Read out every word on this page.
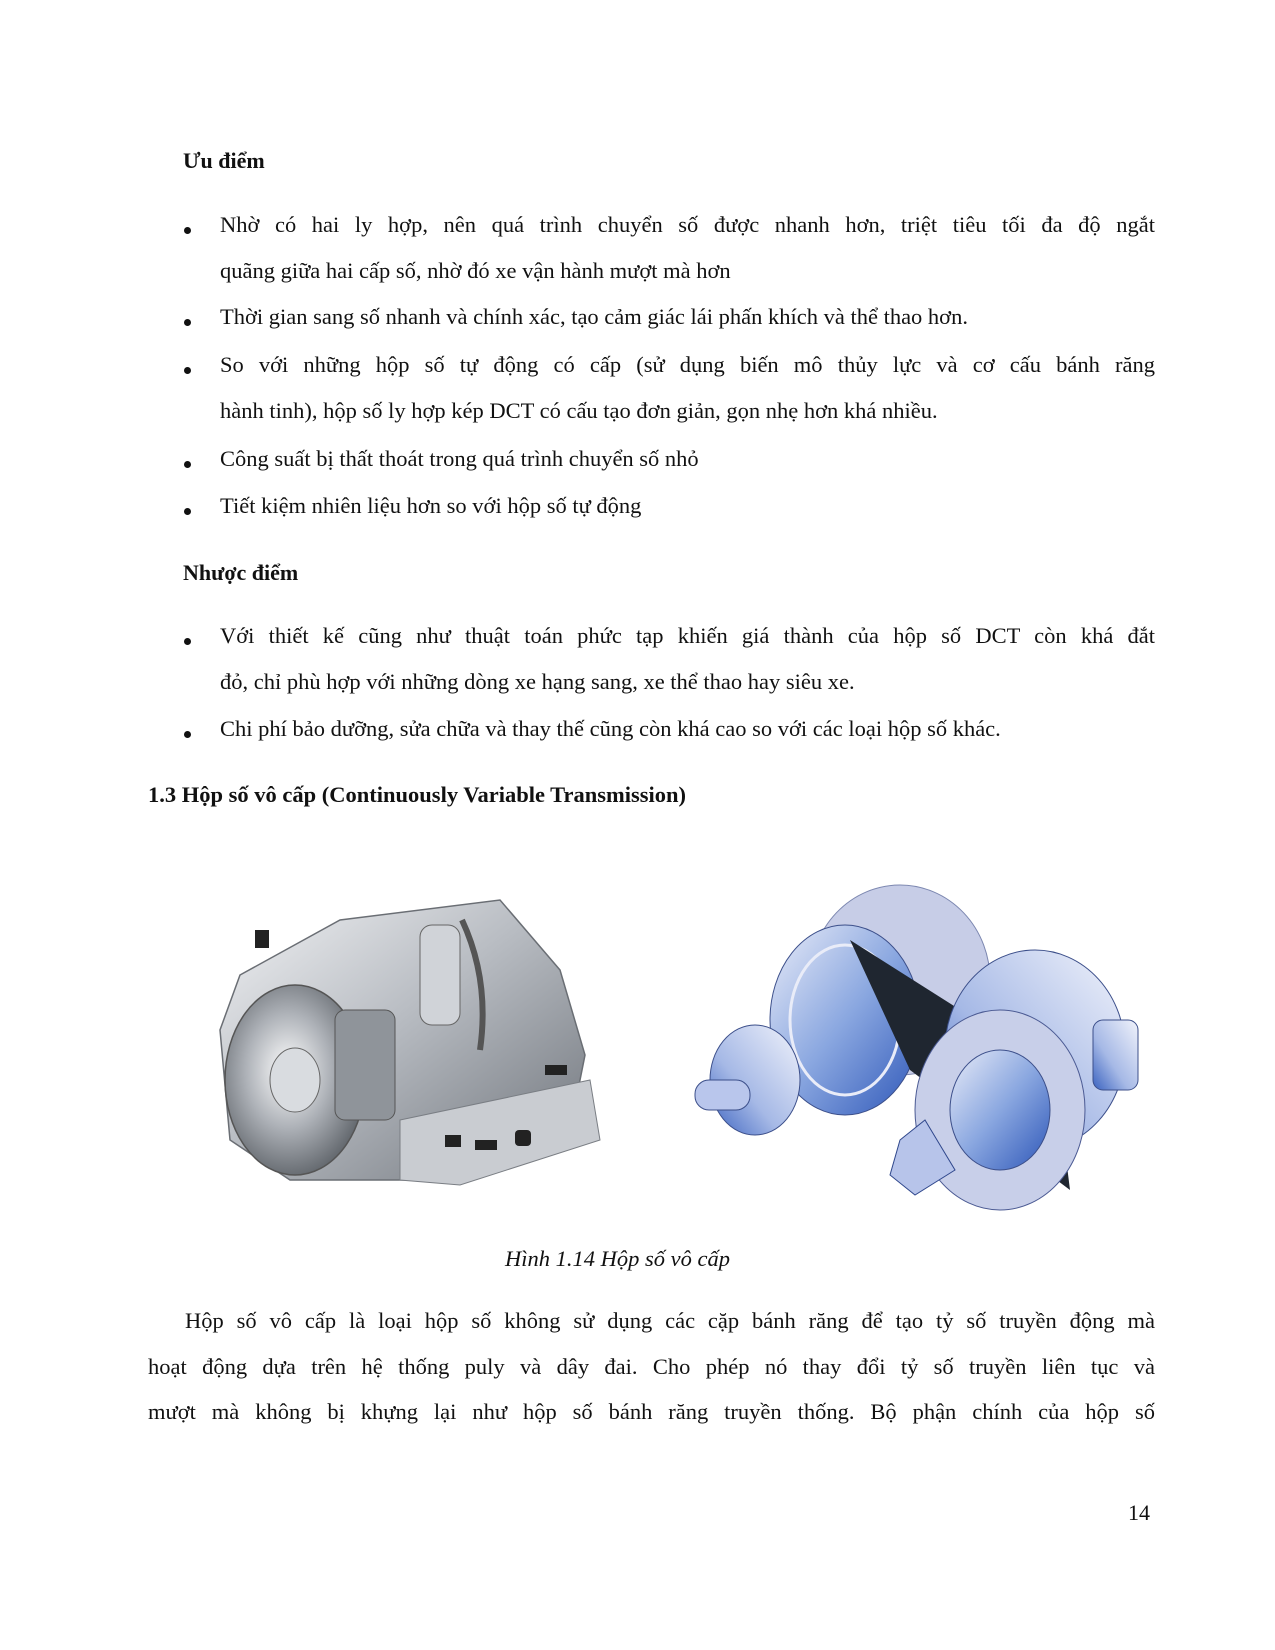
Ưu điểm
Nhờ có hai ly hợp, nên quá trình chuyển số được nhanh hơn, triệt tiêu tối đa độ ngắt
quãng giữa hai cấp số, nhờ đó xe vận hành mượt mà hơn
Thời gian sang số nhanh và chính xác, tạo cảm giác lái phấn khích và thể thao hơn.
So với những hộp số tự động có cấp (sử dụng biến mô thủy lực và cơ cấu bánh răng
hành tinh), hộp số ly hợp kép DCT có cấu tạo đơn giản, gọn nhẹ hơn khá nhiều.
Công suất bị thất thoát trong quá trình chuyển số nhỏ
Tiết kiệm nhiên liệu hơn so với hộp số tự động
Nhược điểm
Với thiết kế cũng như thuật toán phức tạp khiến giá thành của hộp số DCT còn khá đắt
đỏ, chỉ phù hợp với những dòng xe hạng sang, xe thể thao hay siêu xe.
Chi phí bảo dưỡng, sửa chữa và thay thế cũng còn khá cao so với các loại hộp số khác.
1.3 Hộp số vô cấp (Continuously Variable Transmission)
Hình 1.14 Hộp số vô cấp
Hộp số vô cấp là loại hộp số không sử dụng các cặp bánh răng để tạo tỷ số truyền động mà
hoạt động dựa trên hệ thống puly và dây đai. Cho phép nó thay đổi tỷ số truyền liên tục và
mượt mà không bị khựng lại như hộp số bánh răng truyền thống. Bộ phận chính của hộp số
14
